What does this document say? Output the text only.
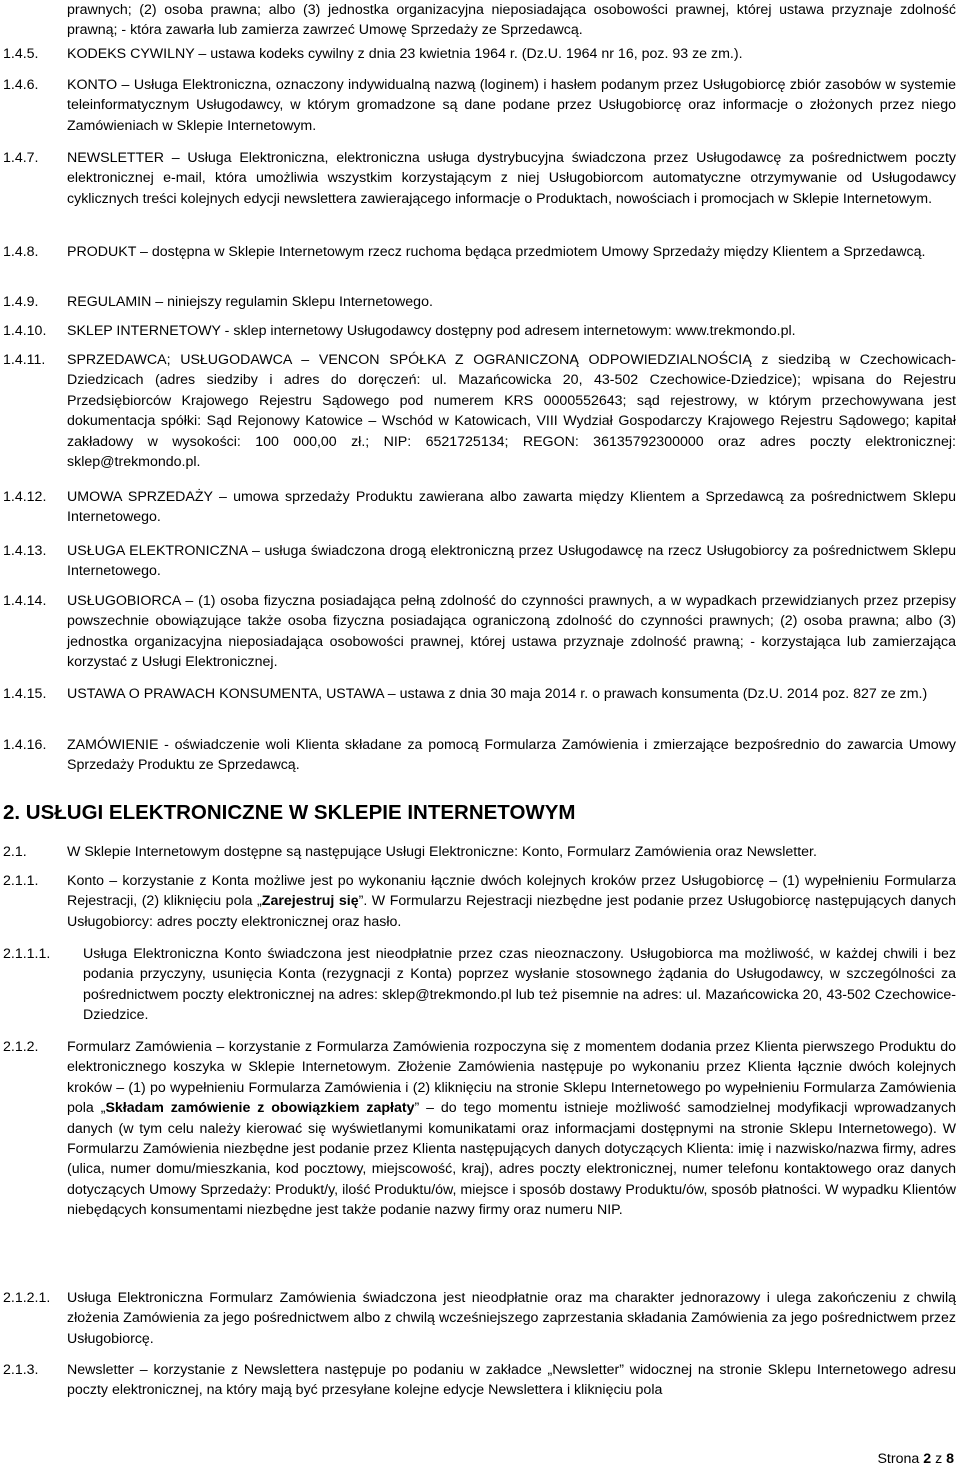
prawnych; (2) osoba prawna; albo (3) jednostka organizacyjna nieposiadająca osobowości prawnej, której ustawa przyznaje zdolność prawną; - która zawarła lub zamierza zawrzeć Umowę Sprzedaży ze Sprzedawcą.
1.4.5. KODEKS CYWILNY – ustawa kodeks cywilny z dnia 23 kwietnia 1964 r. (Dz.U. 1964 nr 16, poz. 93 ze zm.).
1.4.6. KONTO – Usługa Elektroniczna, oznaczony indywidualną nazwą (loginem) i hasłem podanym przez Usługobiorcę zbiór zasobów w systemie teleinformatycznym Usługodawcy, w którym gromadzone są dane podane przez Usługobiorcę oraz informacje o złożonych przez niego Zamówieniach w Sklepie Internetowym.
1.4.7. NEWSLETTER – Usługa Elektroniczna, elektroniczna usługa dystrybucyjna świadczona przez Usługodawcę za pośrednictwem poczty elektronicznej e-mail, która umożliwia wszystkim korzystającym z niej Usługobiorcom automatyczne otrzymywanie od Usługodawcy cyklicznych treści kolejnych edycji newslettera zawierającego informacje o Produktach, nowościach i promocjach w Sklepie Internetowym.
1.4.8. PRODUKT – dostępna w Sklepie Internetowym rzecz ruchoma będąca przedmiotem Umowy Sprzedaży między Klientem a Sprzedawcą.
1.4.9. REGULAMIN – niniejszy regulamin Sklepu Internetowego.
1.4.10. SKLEP INTERNETOWY - sklep internetowy Usługodawcy dostępny pod adresem internetowym: www.trekmondo.pl.
1.4.11. SPRZEDAWCA; USŁUGODAWCA – VENCON SPÓŁKA Z OGRANICZONĄ ODPOWIEDZIALNOŚCIĄ z siedzibą w Czechowicach-Dziedzicach (adres siedziby i adres do doręczeń: ul. Mazańcowicka 20, 43-502 Czechowice-Dziedzice); wpisana do Rejestru Przedsiębiorców Krajowego Rejestru Sądowego pod numerem KRS 0000552643; sąd rejestrowy, w którym przechowywana jest dokumentacja spółki: Sąd Rejonowy Katowice – Wschód w Katowicach, VIII Wydział Gospodarczy Krajowego Rejestru Sądowego; kapitał zakładowy w wysokości: 100 000,00 zł.; NIP: 6521725134; REGON: 36135792300000 oraz adres poczty elektronicznej: sklep@trekmondo.pl.
1.4.12. UMOWA SPRZEDAŻY – umowa sprzedaży Produktu zawierana albo zawarta między Klientem a Sprzedawcą za pośrednictwem Sklepu Internetowego.
1.4.13. USŁUGA ELEKTRONICZNA – usługa świadczona drogą elektroniczną przez Usługodawcę na rzecz Usługobiorcy za pośrednictwem Sklepu Internetowego.
1.4.14. USŁUGOBIORCA – (1) osoba fizyczna posiadająca pełną zdolność do czynności prawnych, a w wypadkach przewidzianych przez przepisy powszechnie obowiązujące także osoba fizyczna posiadająca ograniczoną zdolność do czynności prawnych; (2) osoba prawna; albo (3) jednostka organizacyjna nieposiadająca osobowości prawnej, której ustawa przyznaje zdolność prawną; - korzystająca lub zamierzająca korzystać z Usługi Elektronicznej.
1.4.15. USTAWA O PRAWACH KONSUMENTA, USTAWA – ustawa z dnia 30 maja 2014 r. o prawach konsumenta (Dz.U. 2014 poz. 827 ze zm.)
1.4.16. ZAMÓWIENIE - oświadczenie woli Klienta składane za pomocą Formularza Zamówienia i zmierzające bezpośrednio do zawarcia Umowy Sprzedaży Produktu ze Sprzedawcą.
2. USŁUGI ELEKTRONICZNE W SKLEPIE INTERNETOWYM
2.1.	W Sklepie Internetowym dostępne są następujące Usługi Elektroniczne: Konto, Formularz Zamówienia oraz Newsletter.
2.1.1. Konto – korzystanie z Konta możliwe jest po wykonaniu łącznie dwóch kolejnych kroków przez Usługobiorcę – (1) wypełnieniu Formularza Rejestracji, (2) kliknięciu pola „Zarejestruj się”. W Formularzu Rejestracji niezbędne jest podanie przez Usługobiorcę następujących danych Usługobiorcy: adres poczty elektronicznej oraz hasło.
2.1.1.1. Usługa Elektroniczna Konto świadczona jest nieodpłatnie przez czas nieoznaczony. Usługobiorca ma możliwość, w każdej chwili i bez podania przyczyny, usunięcia Konta (rezygnacji z Konta) poprzez wysłanie stosownego żądania do Usługodawcy, w szczególności za pośrednictwem poczty elektronicznej na adres: sklep@trekmondo.pl lub też pisemnie na adres: ul. Mazańcowicka 20, 43-502 Czechowice-Dziedzice.
2.1.2. Formularz Zamówienia – korzystanie z Formularza Zamówienia rozpoczyna się z momentem dodania przez Klienta pierwszego Produktu do elektronicznego koszyka w Sklepie Internetowym. Złożenie Zamówienia następuje po wykonaniu przez Klienta łącznie dwóch kolejnych kroków – (1) po wypełnieniu Formularza Zamówienia i (2) kliknięciu na stronie Sklepu Internetowego po wypełnieniu Formularza Zamówienia pola „Składam zamówienie z obowiązkiem zapłaty” – do tego momentu istnieje możliwość samodzielnej modyfikacji wprowadzanych danych (w tym celu należy kierować się wyświetlanymi komunikatami oraz informacjami dostępnymi na stronie Sklepu Internetowego). W Formularzu Zamówienia niezbędne jest podanie przez Klienta następujących danych dotyczących Klienta: imię i nazwisko/nazwa firmy, adres (ulica, numer domu/mieszkania, kod pocztowy, miejscowość, kraj), adres poczty elektronicznej, numer telefonu kontaktowego oraz danych dotyczących Umowy Sprzedaży: Produkt/y, ilość Produktu/ów, miejsce i sposób dostawy Produktu/ów, sposób płatności. W wypadku Klientów niebędących konsumentami niezbędne jest także podanie nazwy firmy oraz numeru NIP.
2.1.2.1. Usługa Elektroniczna Formularz Zamówienia świadczona jest nieodpłatnie oraz ma charakter jednorazowy i ulega zakończeniu z chwilą złożenia Zamówienia za jego pośrednictwem albo z chwilą wcześniejszego zaprzestania składania Zamówienia za jego pośrednictwem przez Usługobiorcę.
2.1.3. Newsletter – korzystanie z Newslettera następuje po podaniu w zakładce „Newsletter” widocznej na stronie Sklepu Internetowego adresu poczty elektronicznej, na który mają być przesyłane kolejne edycje Newslettera i kliknięciu pola
Strona 2 z 8
